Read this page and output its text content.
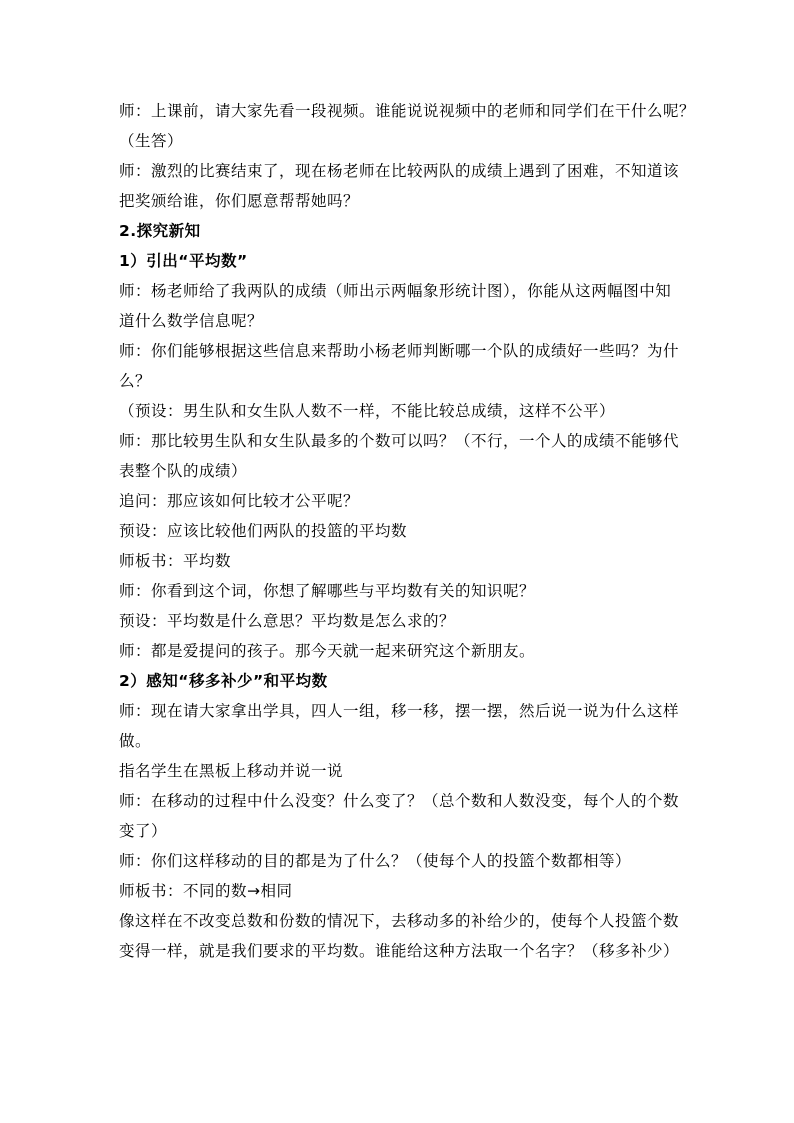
师：上课前，请大家先看一段视频。谁能说说视频中的老师和同学们在干什么呢？
（生答）
师：激烈的比赛结束了，现在杨老师在比较两队的成绩上遇到了困难，不知道该
把奖颁给谁，你们愿意帮帮她吗？
2.探究新知
1）引出“平均数”
师：杨老师给了我两队的成绩（师出示两幅象形统计图），你能从这两幅图中知
道什么数学信息呢？
师：你们能够根据这些信息来帮助小杨老师判断哪一个队的成绩好一些吗？为什
么？
（预设：男生队和女生队人数不一样，不能比较总成绩，这样不公平）
师：那比较男生队和女生队最多的个数可以吗？（不行，一个人的成绩不能够代
表整个队的成绩）
追问：那应该如何比较才公平呢？
预设：应该比较他们两队的投篮的平均数
师板书：平均数
师：你看到这个词，你想了解哪些与平均数有关的知识呢？
预设：平均数是什么意思？平均数是怎么求的？
师：都是爱提问的孩子。那今天就一起来研究这个新朋友。
2）感知“移多补少”和平均数
师：现在请大家拿出学具，四人一组，移一移，摆一摆，然后说一说为什么这样
做。
指名学生在黑板上移动并说一说
师：在移动的过程中什么没变？什么变了？（总个数和人数没变，每个人的个数
变了）
师：你们这样移动的目的都是为了什么？（使每个人的投篮个数都相等）
师板书：不同的数→相同
像这样在不改变总数和份数的情况下，去移动多的补给少的，使每个人投篮个数
变得一样，就是我们要求的平均数。谁能给这种方法取一个名字？（移多补少）
